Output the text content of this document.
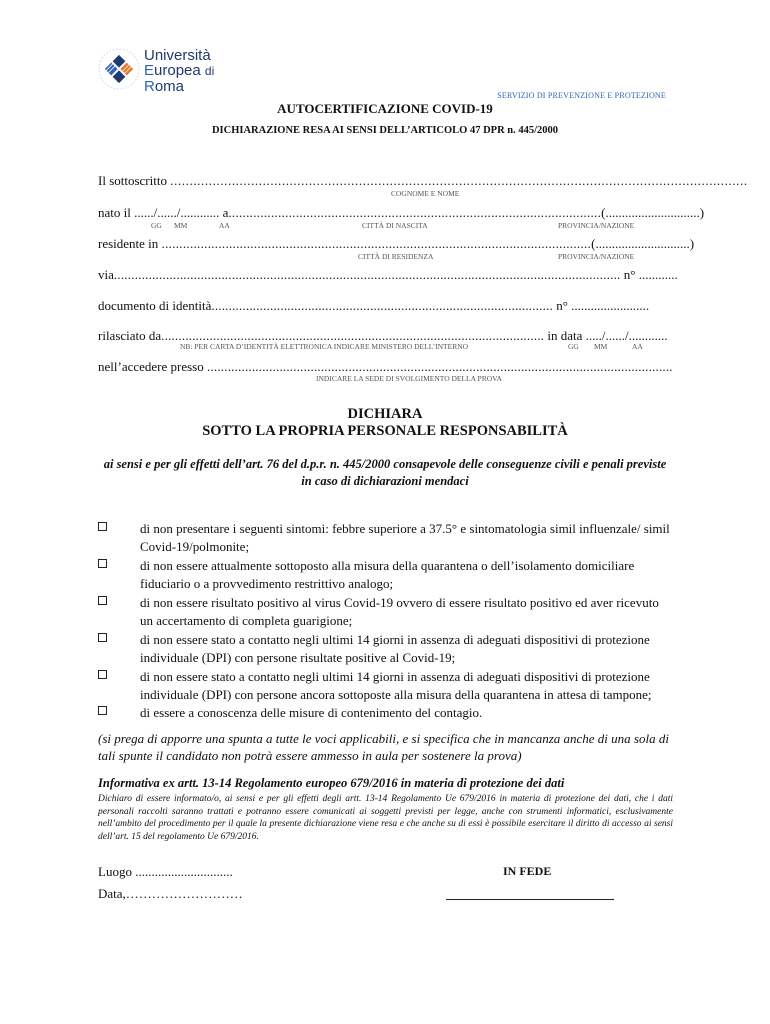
Università
Europea di
Roma
SERVIZIO DI PREVENZIONE E PROTEZIONE
AUTOCERTIFICAZIONE COVID-19
DICHIARAZIONE RESA AI SENSI DELL’ARTICOLO 47 DPR n. 445/2000
Il sottoscritto ......................................................................................................................................................
COGNOME E NOME
nato il ....../....../............ a.........................................................................................................(.............................)
GG MM	AA	CITTÀ DI NASCITA	PROVINCIA/NAZIONE
residente in .........................................................................................................................(.............................)
CITTÀ DI RESIDENZA	PROVINCIA/NAZIONE
via.................................................................................................................................................. n° ............
documento di identità................................................................................................... n° ........................
rilasciato da............................................................................................................... in data ...../....../............
NB: PER CARTA D’IDENTITÀ ELETTRONICA INDICARE MINISTERO DELL’INTERNO	GG MM	AA
nell’accedere presso .......................................................................................................................................
INDICARE LA SEDE DI SVOLGIMENTO DELLA PROVA
DICHIARA
SOTTO LA PROPRIA PERSONALE RESPONSABILITÀ
ai sensi e per gli effetti dell’art. 76 del d.p.r. n. 445/2000 consapevole delle conseguenze civili e penali previste in caso di dichiarazioni mendaci
di non presentare i seguenti sintomi: febbre superiore a 37.5° e sintomatologia simil influenzale/ simil Covid-19/polmonite;
di non essere attualmente sottoposto alla misura della quarantena o dell’isolamento domiciliare fiduciario o a provvedimento restrittivo analogo;
di non essere risultato positivo al virus Covid-19 ovvero di essere risultato positivo ed aver ricevuto un accertamento di completa guarigione;
di non essere stato a contatto negli ultimi 14 giorni in assenza di adeguati dispositivi di protezione individuale (DPI) con persone risultate positive al Covid-19;
di non essere stato a contatto negli ultimi 14 giorni in assenza di adeguati dispositivi di protezione individuale (DPI) con persone ancora sottoposte alla misura della quarantena in attesa di tampone;
di essere a conoscenza delle misure di contenimento del contagio.
(si prega di apporre una spunta a tutte le voci applicabili, e si specifica che in mancanza anche di una sola di tali spunte il candidato non potrà essere ammesso in aula per sostenere la prova)
Informativa ex artt. 13-14 Regolamento europeo 679/2016 in materia di protezione dei dati
Dichiaro di essere informato/o, ai sensi e per gli effetti degli artt. 13-14 Regolamento Ue 679/2016 in materia di protezione dei dati, che i dati personali raccolti saranno trattati e potranno essere comunicati ai soggetti previsti per legge, anche con strumenti informatici, esclusivamente nell’ambito del procedimento per il quale la presente dichiarazione viene resa e che anche su di essi è possibile esercitare il diritto di accesso ai sensi dell’art. 15 del regolamento Ue 679/2016.
Luogo ..............................	IN FEDE
Data,………………………
